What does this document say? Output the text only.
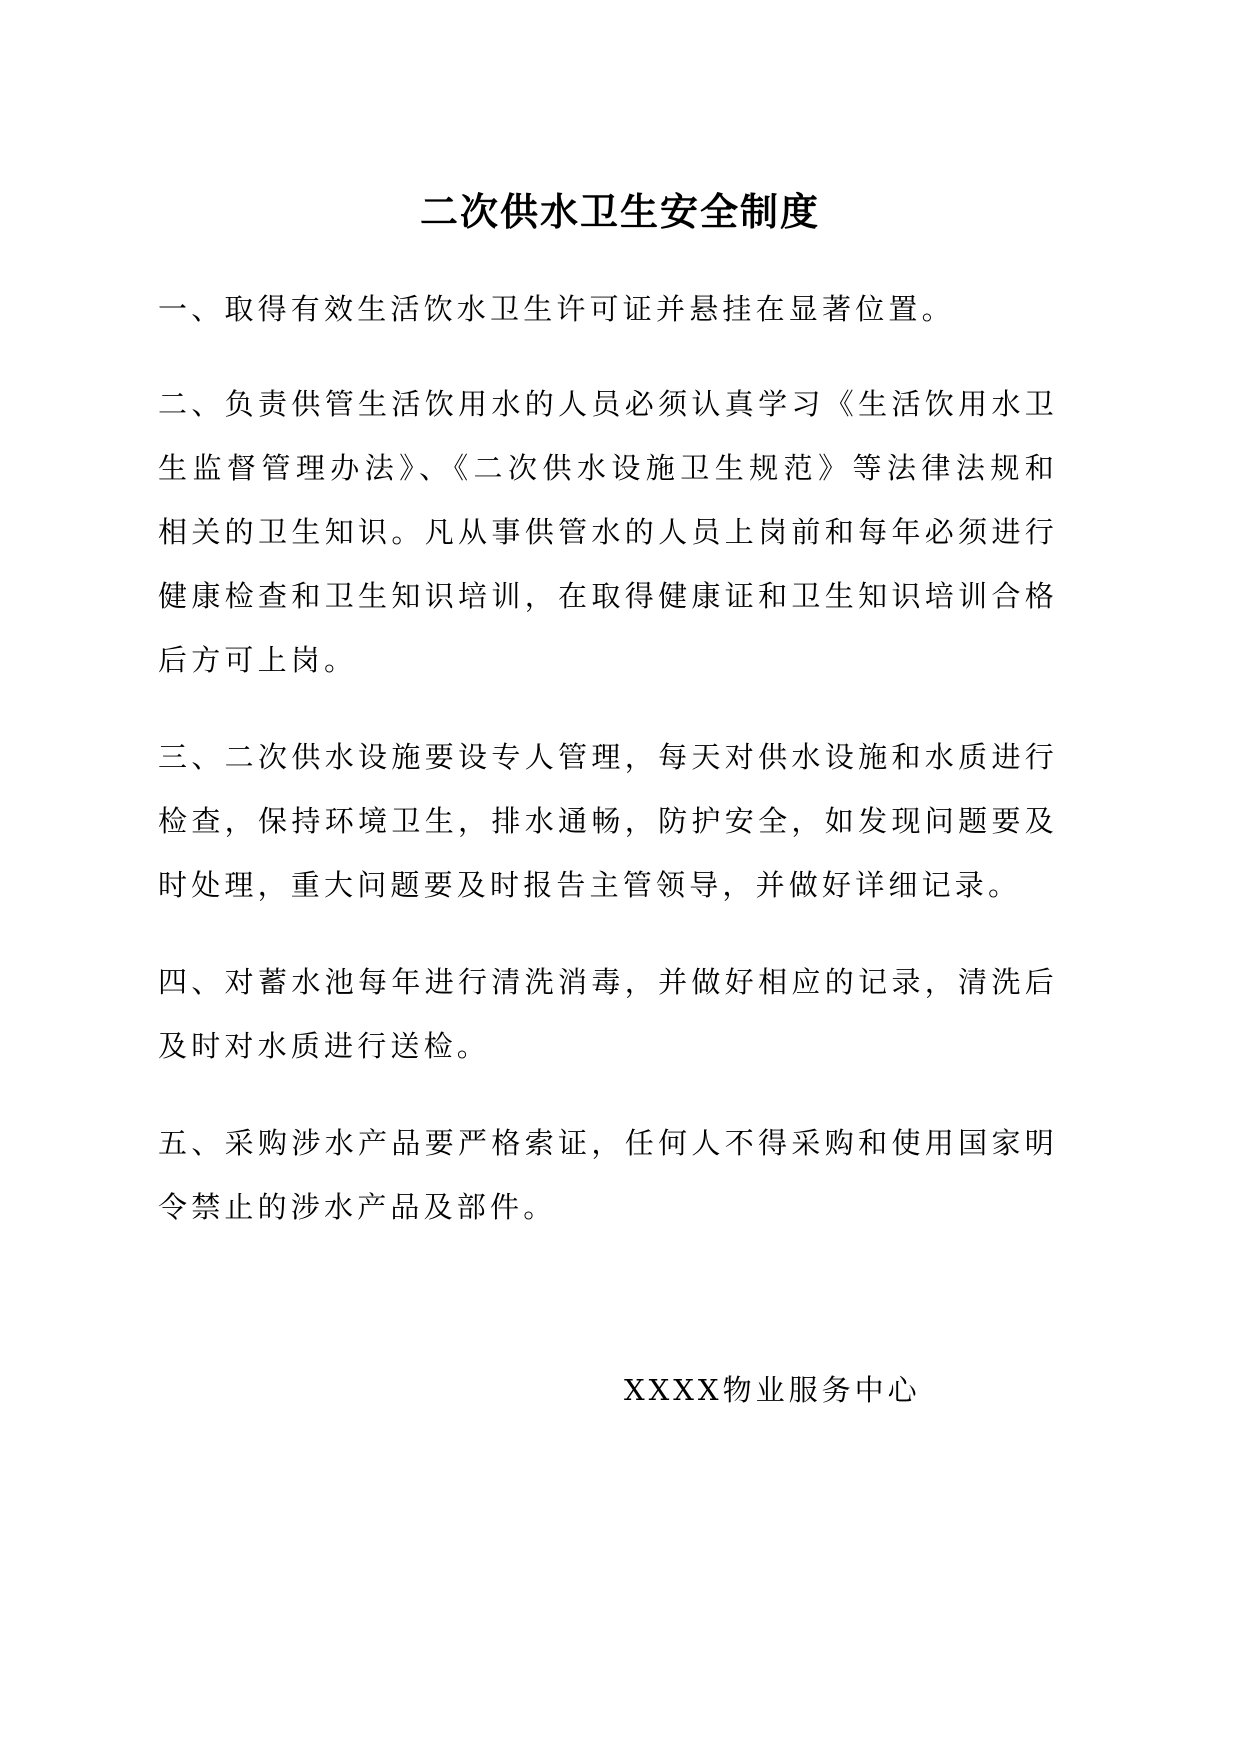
二次供水卫生安全制度

一、取得有效生活饮水卫生许可证并悬挂在显著位置。

二、负责供管生活饮用水的人员必须认真学习《生活饮用水卫生监督管理办法》、《二次供水设施卫生规范》等法律法规和相关的卫生知识。凡从事供管水的人员上岗前和每年必须进行健康检查和卫生知识培训，在取得健康证和卫生知识培训合格后方可上岗。

三、二次供水设施要设专人管理，每天对供水设施和水质进行检查，保持环境卫生，排水通畅，防护安全，如发现问题要及时处理，重大问题要及时报告主管领导，并做好详细记录。

四、对蓄水池每年进行清洗消毒，并做好相应的记录，清洗后及时对水质进行送检。

五、采购涉水产品要严格索证，任何人不得采购和使用国家明令禁止的涉水产品及部件。

XXXX物业服务中心
